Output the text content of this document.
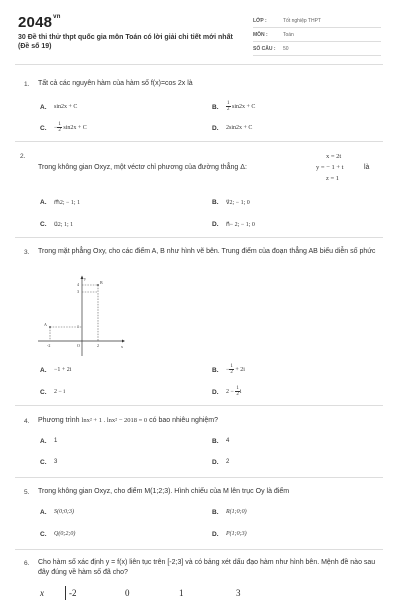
$2048^{vn}$
30 Đề thi thử thpt quốc gia môn Toán có lời giải chi tiết mới nhất (Đề số 19)
LỚP :	Tốt nghiệp THPT
MÔN :	Toán
SỐ CÂU : 50
1. Tất cả các nguyên hàm của hàm số f(x)=cos 2x là
A. sin2x + C	B. $\frac{1}{2} \sin 2x + C$
C. − $\frac{1}{2} \sin 2x + C$	D. 2sin2x + C
2.
Trong không gian Oxyz, một véctơ chỉ phương của đường thẳng Δ:
x = 2t
y = − 1 + t
z = 1
là
A. m⃗2; − 1; 1	B. v⃗2; − 1; 0
C. u⃗2; 1; 1	D. n⃗− 2; − 1; 0
3. Trong mặt phẳng Oxy, cho các điểm A, B như hình vẽ bên. Trung điểm của đoạn thẳng AB biểu diễn số phức
x
y
O
B
A
4
3
1
-2	2
A. −1 + 2i	B. − $\frac{1}{2} + 2i$
C. 2 − i	D. $2 - \frac{1}{2}$ i
4. Phương trình lnx² + 1 . lnx² − 2018 = 0 có bao nhiêu nghiệm?
A. 1	B. 4
C. 3	D. 2
5. Trong không gian Oxyz, cho điểm M(1;2;3). Hình chiếu của M lên trục Oy là điểm
A. S(0;0;3)	B. R(1;0;0)
C. Q(0;2;0)	D. P(1;0;3)
6. Cho hàm số xác định y = f(x) liên tục trên [-2;3] và có bảng xét dấu đạo hàm như hình bên. Mệnh đề nào sau đây đúng về hàm số đã cho?
x	-2	0	1	3
